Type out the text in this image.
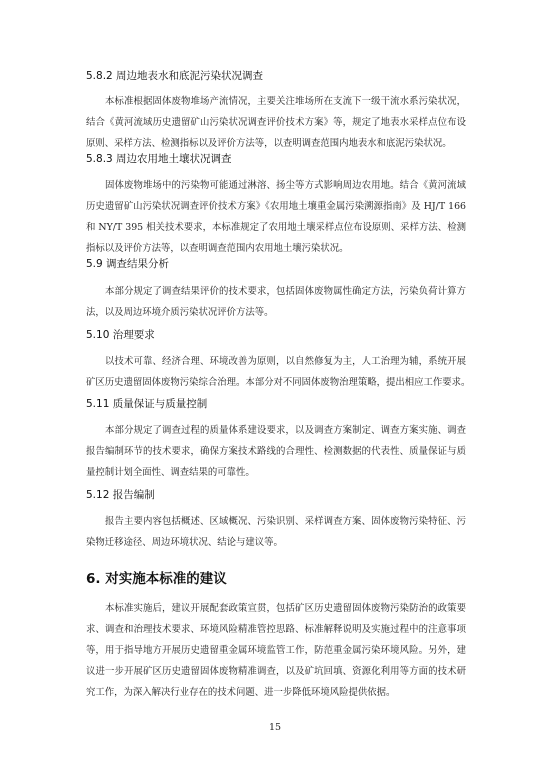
5.8.2 周边地表水和底泥污染状况调查
本标准根据固体废物堆场产流情况，主要关注堆场所在支流下一级干流水系污染状况，
结合《黄河流域历史遗留矿山污染状况调查评价技术方案》等，规定了地表水采样点位布设
原则、采样方法、检测指标以及评价方法等，以查明调查范围内地表水和底泥污染状况。
5.8.3 周边农用地土壤状况调查
固体废物堆场中的污染物可能通过淋溶、扬尘等方式影响周边农用地。结合《黄河流域
历史遗留矿山污染状况调查评价技术方案》《农用地土壤重金属污染溯源指南》及 HJ/T 166
和 NY/T 395 相关技术要求，本标准规定了农用地土壤采样点位布设原则、采样方法、检测
指标以及评价方法等，以查明调查范围内农用地土壤污染状况。
5.9 调查结果分析
本部分规定了调查结果评价的技术要求，包括固体废物属性确定方法，污染负荷计算方
法，以及周边环境介质污染状况评价方法等。
5.10 治理要求
以技术可靠、经济合理、环境改善为原则，以自然修复为主，人工治理为辅，系统开展
矿区历史遗留固体废物污染综合治理。本部分对不同固体废物治理策略，提出相应工作要求。
5.11 质量保证与质量控制
本部分规定了调查过程的质量体系建设要求，以及调查方案制定、调查方案实施、调查
报告编制环节的技术要求，确保方案技术路线的合理性、检测数据的代表性、质量保证与质
量控制计划全面性、调查结果的可靠性。
5.12 报告编制
报告主要内容包括概述、区域概况、污染识别、采样调查方案、固体废物污染特征、污
染物迁移途径、周边环境状况、结论与建议等。
6. 对实施本标准的建议
本标准实施后，建议开展配套政策宣贯，包括矿区历史遗留固体废物污染防治的政策要
求、调查和治理技术要求、环境风险精准管控思路、标准解释说明及实施过程中的注意事项
等，用于指导地方开展历史遗留重金属环境监管工作，防范重金属污染环境风险。另外，建
议进一步开展矿区历史遗留固体废物精准调查，以及矿坑回填、资源化利用等方面的技术研
究工作，为深入解决行业存在的技术问题、进一步降低环境风险提供依据。
15
